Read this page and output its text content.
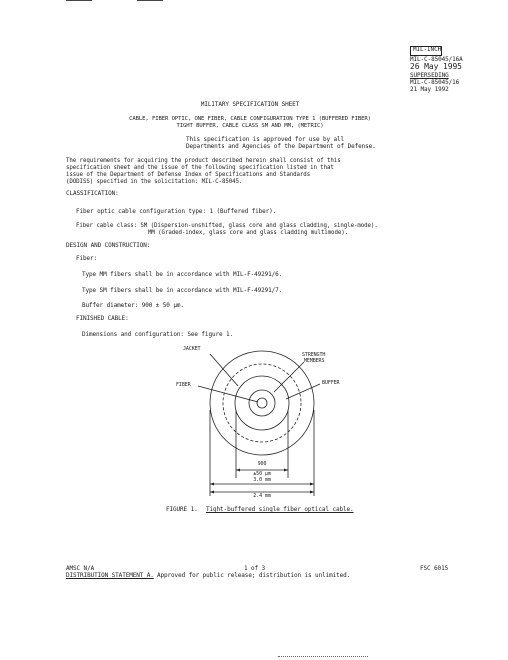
MIL-INCH
MIL-C-85045/16A
26 May 1995
SUPERSEDING
MIL-C-85045/16
21 May 1992
MILITARY SPECIFICATION SHEET
CABLE, FIBER OPTIC, ONE FIBER, CABLE CONFIGURATION TYPE 1 (BUFFERED FIBER)
TIGHT BUFFER, CABLE CLASS SM AND MM, (METRIC)
This specification is approved for use by all
Departments and Agencies of the Department of Defense.
The requirements for acquiring the product described herein shall consist of this
specification sheet and the issue of the following specification listed in that
issue of the Department of Defense Index of Specifications and Standards
(DODISS) specified in the solicitation: MIL-C-85045.
CLASSIFICATION:
Fiber optic cable configuration type: 1 (Buffered fiber).
Fiber cable class: SM (Dispersion-unshifted, glass core and glass cladding, single-mode).
MM (Graded-index, glass core and glass cladding multimode).
DESIGN AND CONSTRUCTION:
Fiber:
Type MM fibers shall be in accordance with MIL-F-49291/6.
Type SM fibers shall be in accordance with MIL-F-49291/7.
Buffer diameter: 900 ± 50 μm.
FINISHED CABLE:
Dimensions and configuration: See figure 1.
JACKET
STRENGTH
MEMBERS
BUFFER
FIBER
900
±50 μm
3.0 mm
2.4 mm
FIGURE 1. Tight-buffered single fiber optical cable.
AMSC N/A	1 of 3	FSC 6015
DISTRIBUTION STATEMENT A. Approved for public release; distribution is unlimited.
